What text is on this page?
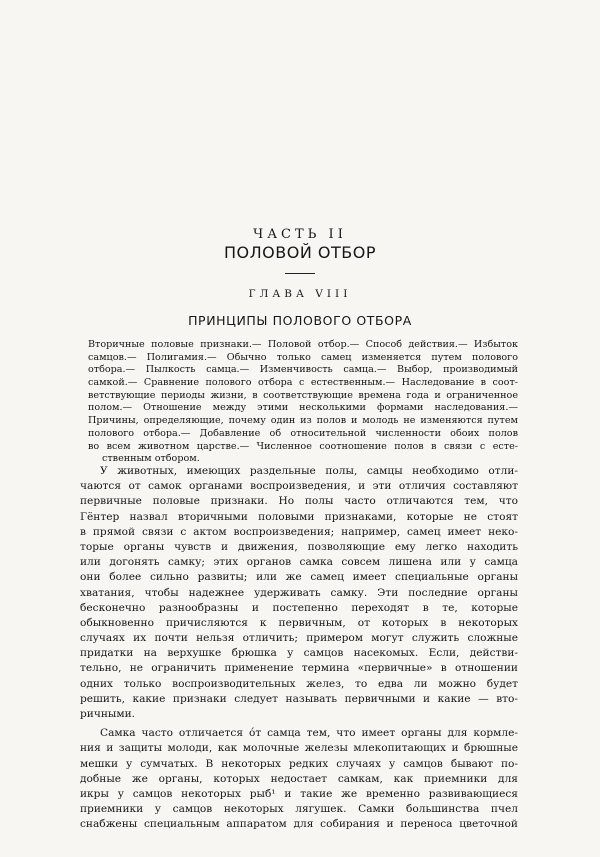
ЧАСТЬ II
ПОЛОВОЙ ОТБОР
ГЛАВА VIII
ПРИНЦИПЫ ПОЛОВОГО ОТБОРА
Вторичные половые признаки.— Половой отбор.— Способ действия.— Избыток
самцов.— Полигамия.— Обычно только самец изменяется путем полового
отбора.— Пылкость самца.— Изменчивость самца.— Выбор, производимый
самкой.— Сравнение полового отбора с естественным.— Наследование в соот-
ветствующие периоды жизни, в соответствующие времена года и ограниченное
полом.— Отношение между этими несколькими формами наследования.—
Причины, определяющие, почему один из полов и молодь не изменяются путем
полового отбора.— Добавление об относительной численности обоих полов
во всем животном царстве.— Численное соотношение полов в связи с есте-
ственным отбором.
У животных, имеющих раздельные полы, самцы необходимо отли-
чаются от самок органами воспроизведения, и эти отличия составляют
первичные половые признаки. Но полы часто отличаются тем, что
Гёнтер назвал вторичными половыми признаками, которые не стоят
в прямой связи с актом воспроизведения; например, самец имеет неко-
торые органы чувств и движения, позволяющие ему легко находить
или догонять самку; этих органов самка совсем лишена или у самца
они более сильно развиты; или же самец имеет специальные органы
хватания, чтобы надежнее удерживать самку. Эти последние органы
бесконечно разнообразны и постепенно переходят в те, которые
обыкновенно причисляются к первичным, от которых в некоторых
случаях их почти нельзя отличить; примером могут служить сложные
придатки на верхушке брюшка у самцов насекомых. Если, действи-
тельно, не ограничить применение термина «первичные» в отношении
одних только воспроизводительных желез, то едва ли можно будет
решить, какие признаки следует называть первичными и какие — вто-
ричными.
Самка часто отличается о́т самца тем, что имеет органы для кормле-
ния и защиты молоди, как молочные железы млекопитающих и брюшные
мешки у сумчатых. В некоторых редких случаях у самцов бывают по-
добные же органы, которых недостает самкам, как приемники для
икры у самцов некоторых рыб¹ и такие же временно развивающиеся
приемники у самцов некоторых лягушек. Самки большинства пчел
снабжены специальным аппаратом для собирания и переноса цветочной
